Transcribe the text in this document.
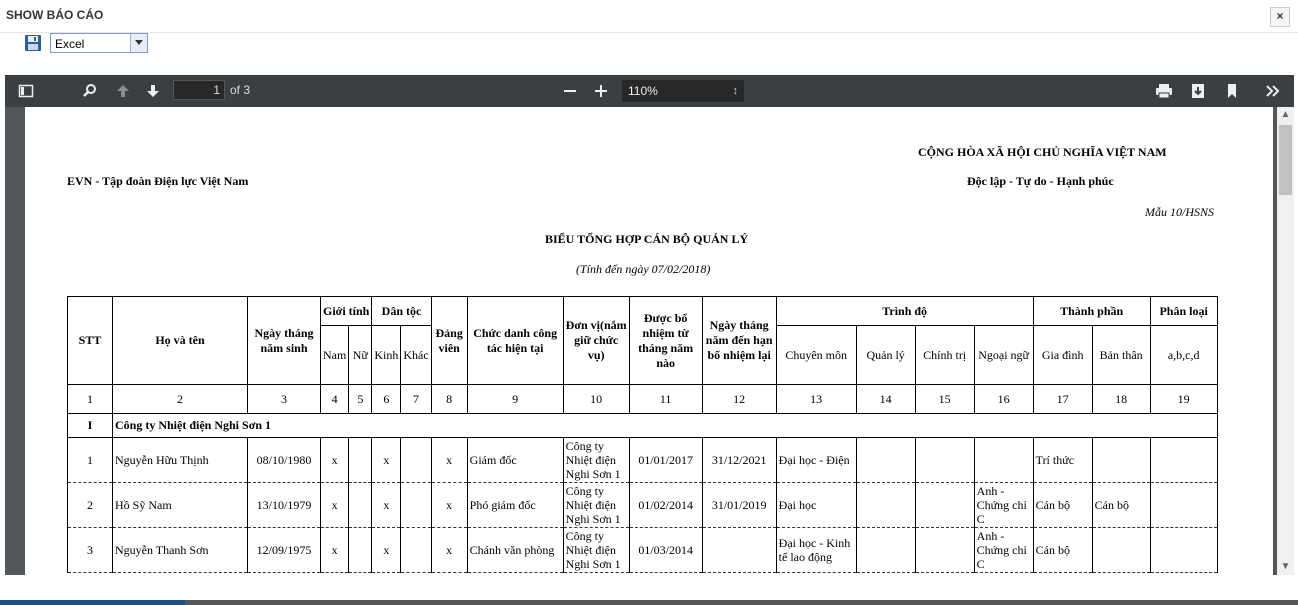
SHOW BÁO CÁO	×
Excel
1 of 3	110% ↕
CỘNG HÒA XÃ HỘI CHỦ NGHĨA VIỆT NAM
EVN - Tập đoàn Điện lực Việt Nam	Độc lập - Tự do - Hạnh phúc
Mẫu 10/HSNS
BIỂU TỔNG HỢP CÁN BỘ QUẢN LÝ
(Tính đến ngày 07/02/2018)
STT	Họ và tên	Ngày tháng năm sinh	Giới tính		Dân tộc		Đảng viên	Chức danh công tác hiện tại	Đơn vị(nắm giữ chức vụ)	Được bổ nhiệm từ tháng năm nào	Ngày tháng năm đến hạn bổ nhiệm lại	Trình độ				Thành phần		Phân loại
			Nam	Nữ	Kinh	Khác						Chuyên môn	Quản lý	Chính trị	Ngoại ngữ	Gia đình	Bản thân	a,b,c,d
1	2	3	4	5	6	7	8	9	10	11	12	13	14	15	16	17	18	19
I	Công ty Nhiệt điện Nghi Sơn 1																	
1	Nguyễn Hữu Thịnh	08/10/1980	x		x		x	Giám đốc	Công ty Nhiệt điện Nghi Sơn 1	01/01/2017	31/12/2021	Đại học - Điện				Trí thức		
2	Hồ Sỹ Nam	13/10/1979	x		x		x	Phó giám đốc	Công ty Nhiệt điện Nghi Sơn 1	01/02/2014	31/01/2019	Đại học			Anh - Chứng chỉ C	Cán bộ	Cán bộ	
3	Nguyễn Thanh Sơn	12/09/1975	x		x		x	Chánh văn phòng	Công ty Nhiệt điện Nghi Sơn 1	01/03/2014		Đại học - Kinh tế lao động			Anh - Chứng chỉ C	Cán bộ		
▲
▼
